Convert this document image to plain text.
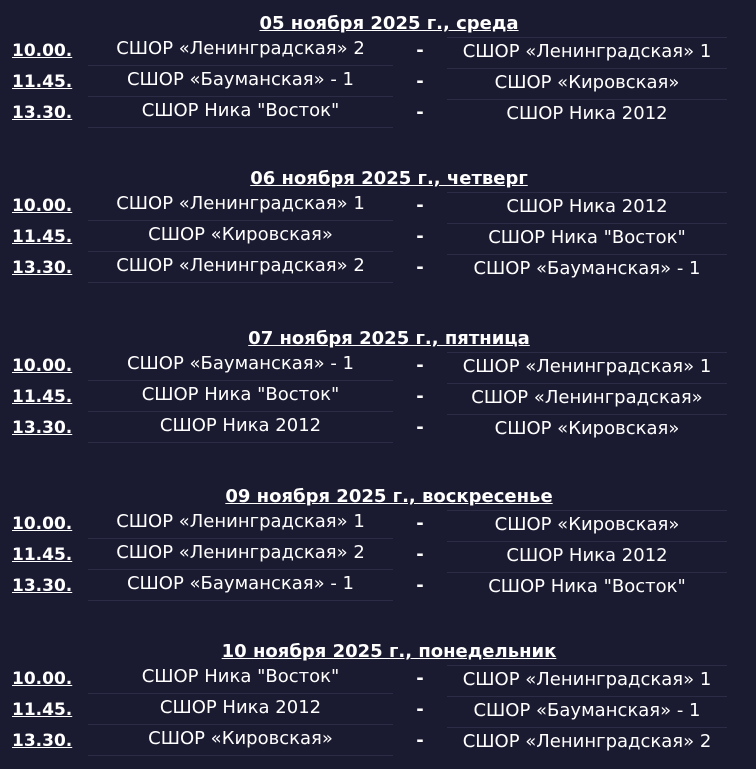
05 ноября 2025 г., среда
10.00.	СШОР «Ленинградская» 2	-	СШОР «Ленинградская» 1
11.45.	СШОР «Бауманская» - 1	-	СШОР «Кировская»
13.30.	СШОР Ника "Восток"	-	СШОР Ника 2012
06 ноября 2025 г., четверг
10.00.	СШОР «Ленинградская» 1	-	СШОР Ника 2012
11.45.	СШОР «Кировская»	-	СШОР Ника "Восток"
13.30.	СШОР «Ленинградская» 2	-	СШОР «Бауманская» - 1
07 ноября 2025 г., пятница
10.00.	СШОР «Бауманская» - 1	-	СШОР «Ленинградская» 1
11.45.	СШОР Ника "Восток"	-	СШОР «Ленинградская»
13.30.	СШОР Ника 2012	-	СШОР «Кировская»
09 ноября 2025 г., воскресенье
10.00.	СШОР «Ленинградская» 1	-	СШОР «Кировская»
11.45.	СШОР «Ленинградская» 2	-	СШОР Ника 2012
13.30.	СШОР «Бауманская» - 1	-	СШОР Ника "Восток"
10 ноября 2025 г., понедельник
10.00.	СШОР Ника "Восток"	-	СШОР «Ленинградская» 1
11.45.	СШОР Ника 2012	-	СШОР «Бауманская» - 1
13.30.	СШОР «Кировская»	-	СШОР «Ленинградская» 2
